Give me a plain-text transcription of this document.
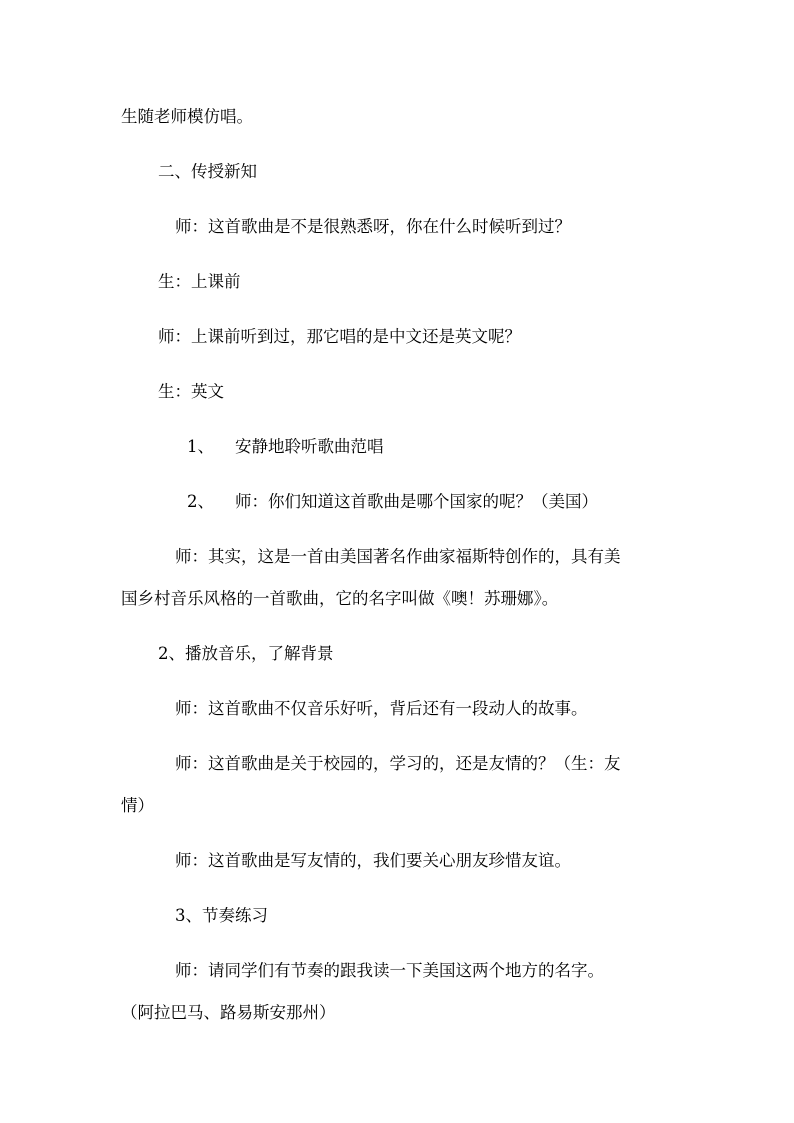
生随老师模仿唱。
二、传授新知
师：这首歌曲是不是很熟悉呀，你在什么时候听到过？
生：上课前
师：上课前听到过，那它唱的是中文还是英文呢？
生：英文
1、    安静地聆听歌曲范唱
2、    师：你们知道这首歌曲是哪个国家的呢？（美国）
师：其实，这是一首由美国著名作曲家福斯特创作的，具有美
国乡村音乐风格的一首歌曲，它的名字叫做《噢！苏珊娜》。
2、播放音乐，了解背景
师：这首歌曲不仅音乐好听，背后还有一段动人的故事。
师：这首歌曲是关于校园的，学习的，还是友情的？（生：友
情）
师：这首歌曲是写友情的，我们要关心朋友珍惜友谊。
3、节奏练习
师：请同学们有节奏的跟我读一下美国这两个地方的名字。
（阿拉巴马、路易斯安那州）
